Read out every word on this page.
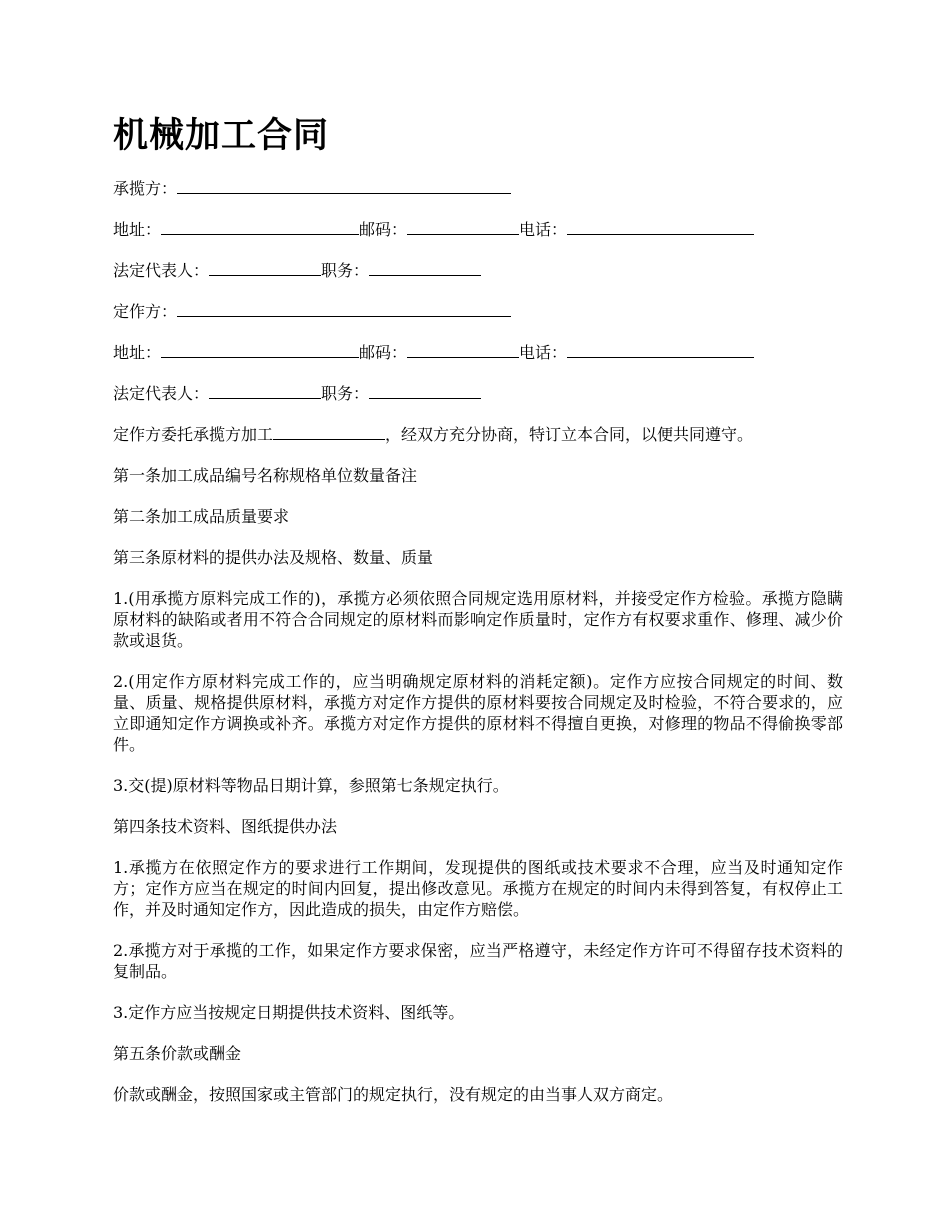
机械加工合同
承揽方：
地址：	邮码：	电话：
法定代表人：	职务：
定作方：
地址：	邮码：	电话：
法定代表人：	职务：
定作方委托承揽方加工	，经双方充分协商，特订立本合同，以便共同遵守。

第一条加工成品编号名称规格单位数量备注

第二条加工成品质量要求

第三条原材料的提供办法及规格、数量、质量

1.(用承揽方原料完成工作的)，承揽方必须依照合同规定选用原材料，并接受定作方检验。承揽方隐瞒原材料的缺陷或者用不符合合同规定的原材料而影响定作质量时，定作方有权要求重作、修理、减少价款或退货。

2.(用定作方原材料完成工作的，应当明确规定原材料的消耗定额)。定作方应按合同规定的时间、数量、质量、规格提供原材料，承揽方对定作方提供的原材料要按合同规定及时检验，不符合要求的，应立即通知定作方调换或补齐。承揽方对定作方提供的原材料不得擅自更换，对修理的物品不得偷换零部件。

3.交(提)原材料等物品日期计算，参照第七条规定执行。

第四条技术资料、图纸提供办法

1.承揽方在依照定作方的要求进行工作期间，发现提供的图纸或技术要求不合理，应当及时通知定作方；定作方应当在规定的时间内回复，提出修改意见。承揽方在规定的时间内未得到答复，有权停止工作，并及时通知定作方，因此造成的损失，由定作方赔偿。

2.承揽方对于承揽的工作，如果定作方要求保密，应当严格遵守，未经定作方许可不得留存技术资料的复制品。

3.定作方应当按规定日期提供技术资料、图纸等。

第五条价款或酬金

价款或酬金，按照国家或主管部门的规定执行，没有规定的由当事人双方商定。
